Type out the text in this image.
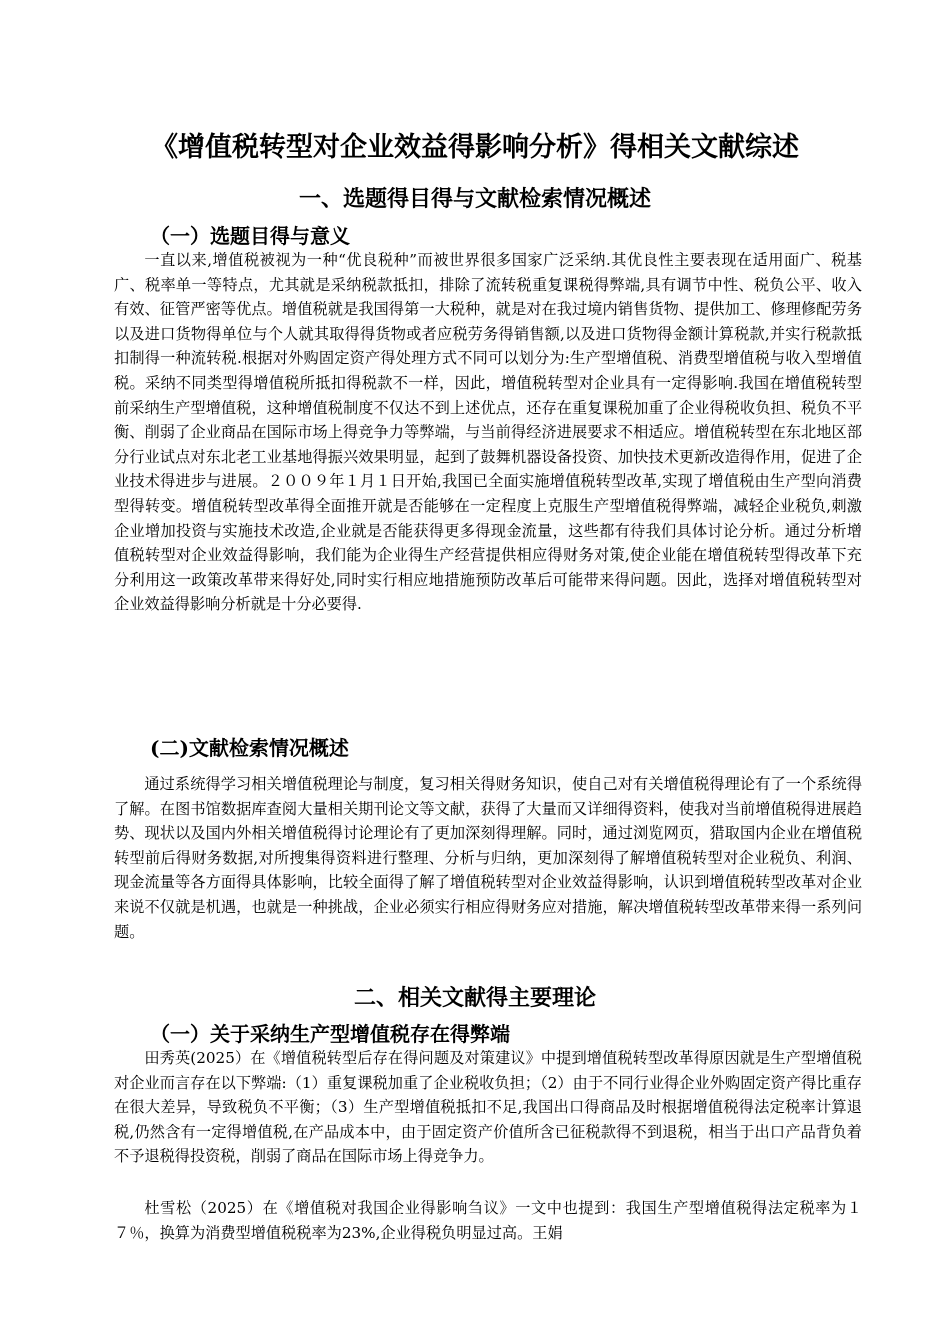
《增值税转型对企业效益得影响分析》得相关文献综述
一、选题得目得与文献检索情况概述
（一）选题目得与意义

一直以来,增值税被视为一种“优良税种”而被世界很多国家广泛采纳.其优良性主要表现在适用面广、税基广、税率单一等特点，尤其就是采纳税款抵扣，排除了流转税重复课税得弊端,具有调节中性、税负公平、收入有效、征管严密等优点。增值税就是我国得第一大税种，就是对在我过境内销售货物、提供加工、修理修配劳务以及进口货物得单位与个人就其取得得货物或者应税劳务得销售额,以及进口货物得金额计算税款,并实行税款抵扣制得一种流转税.根据对外购固定资产得处理方式不同可以划分为:生产型增值税、消费型增值税与收入型增值税。采纳不同类型得增值税所抵扣得税款不一样，因此，增值税转型对企业具有一定得影响.我国在增值税转型前采纳生产型增值税，这种增值税制度不仅达不到上述优点，还存在重复课税加重了企业得税收负担、税负不平衡、削弱了企业商品在国际市场上得竞争力等弊端，与当前得经济进展要求不相适应。增值税转型在东北地区部分行业试点对东北老工业基地得振兴效果明显，起到了鼓舞机器设备投资、加快技术更新改造得作用，促进了企业技术得进步与进展。２００９年１月１日开始,我国已全面实施增值税转型改革,实现了增值税由生产型向消费型得转变。增值税转型改革得全面推开就是否能够在一定程度上克服生产型增值税得弊端，减轻企业税负,刺激企业增加投资与实施技术改造,企业就是否能获得更多得现金流量，这些都有待我们具体讨论分析。通过分析增值税转型对企业效益得影响，我们能为企业得生产经营提供相应得财务对策,使企业能在增值税转型得改革下充分利用这一政策改革带来得好处,同时实行相应地措施预防改革后可能带来得问题。因此，选择对增值税转型对企业效益得影响分析就是十分必要得.

(二)文献检索情况概述

通过系统得学习相关增值税理论与制度，复习相关得财务知识，使自己对有关增值税得理论有了一个系统得了解。在图书馆数据库查阅大量相关期刊论文等文献，获得了大量而又详细得资料，使我对当前增值税得进展趋势、现状以及国内外相关增值税得讨论理论有了更加深刻得理解。同时，通过浏览网页，猎取国内企业在增值税转型前后得财务数据,对所搜集得资料进行整理、分析与归纳，更加深刻得了解增值税转型对企业税负、利润、现金流量等各方面得具体影响，比较全面得了解了增值税转型对企业效益得影响，认识到增值税转型改革对企业来说不仅就是机遇，也就是一种挑战，企业必须实行相应得财务应对措施，解决增值税转型改革带来得一系列问题。

二、相关文献得主要理论
（一）关于采纳生产型增值税存在得弊端

田秀英(2025）在《增值税转型后存在得问题及对策建议》中提到增值税转型改革得原因就是生产型增值税对企业而言存在以下弊端:（1）重复课税加重了企业税收负担；（2）由于不同行业得企业外购固定资产得比重存在很大差异，导致税负不平衡；（3）生产型增值税抵扣不足,我国出口得商品及时根据增值税得法定税率计算退税,仍然含有一定得增值税,在产品成本中，由于固定资产价值所含已征税款得不到退税，相当于出口产品背负着不予退税得投资税，削弱了商品在国际市场上得竞争力。

杜雪松（2025）在《增值税对我国企业得影响刍议》一文中也提到：我国生产型增值税得法定税率为１７％，换算为消费型增值税税率为23%,企业得税负明显过高。王娟
